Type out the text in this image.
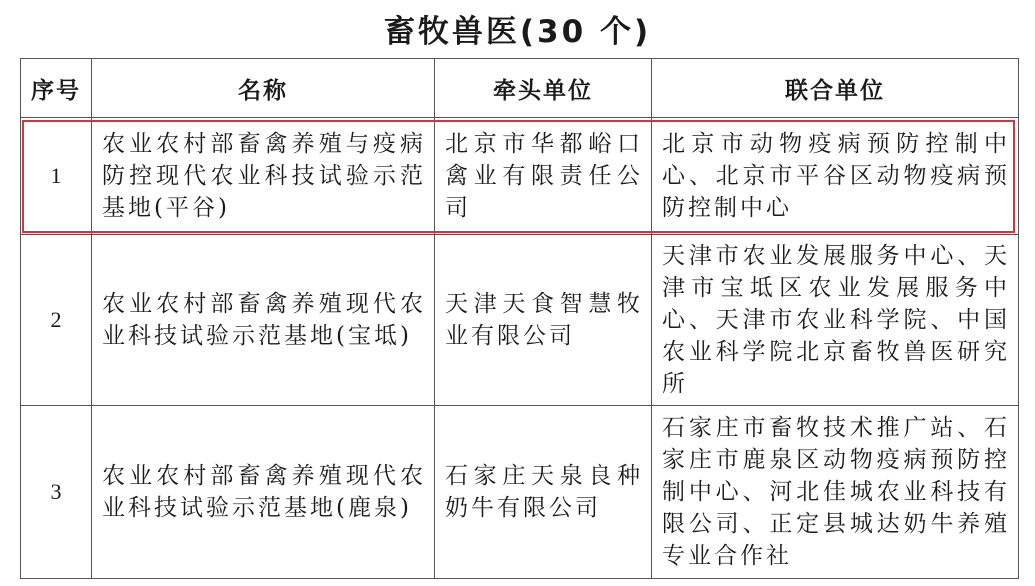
畜牧兽医(30 个)
序号	名称	牵头单位	联合单位
1	农业农村部畜禽养殖与疫病防控现代农业科技试验示范基地(平谷)	北京市华都峪口禽业有限责任公司	北京市动物疫病预防控制中心、北京市平谷区动物疫病预防控制中心
2	农业农村部畜禽养殖现代农业科技试验示范基地(宝坻)	天津天食智慧牧业有限公司	天津市农业发展服务中心、天津市宝坻区农业发展服务中心、天津市农业科学院、中国农业科学院北京畜牧兽医研究所
3	农业农村部畜禽养殖现代农业科技试验示范基地(鹿泉)	石家庄天泉良种奶牛有限公司	石家庄市畜牧技术推广站、石家庄市鹿泉区动物疫病预防控制中心、河北佳城农业科技有限公司、正定县城达奶牛养殖专业合作社
